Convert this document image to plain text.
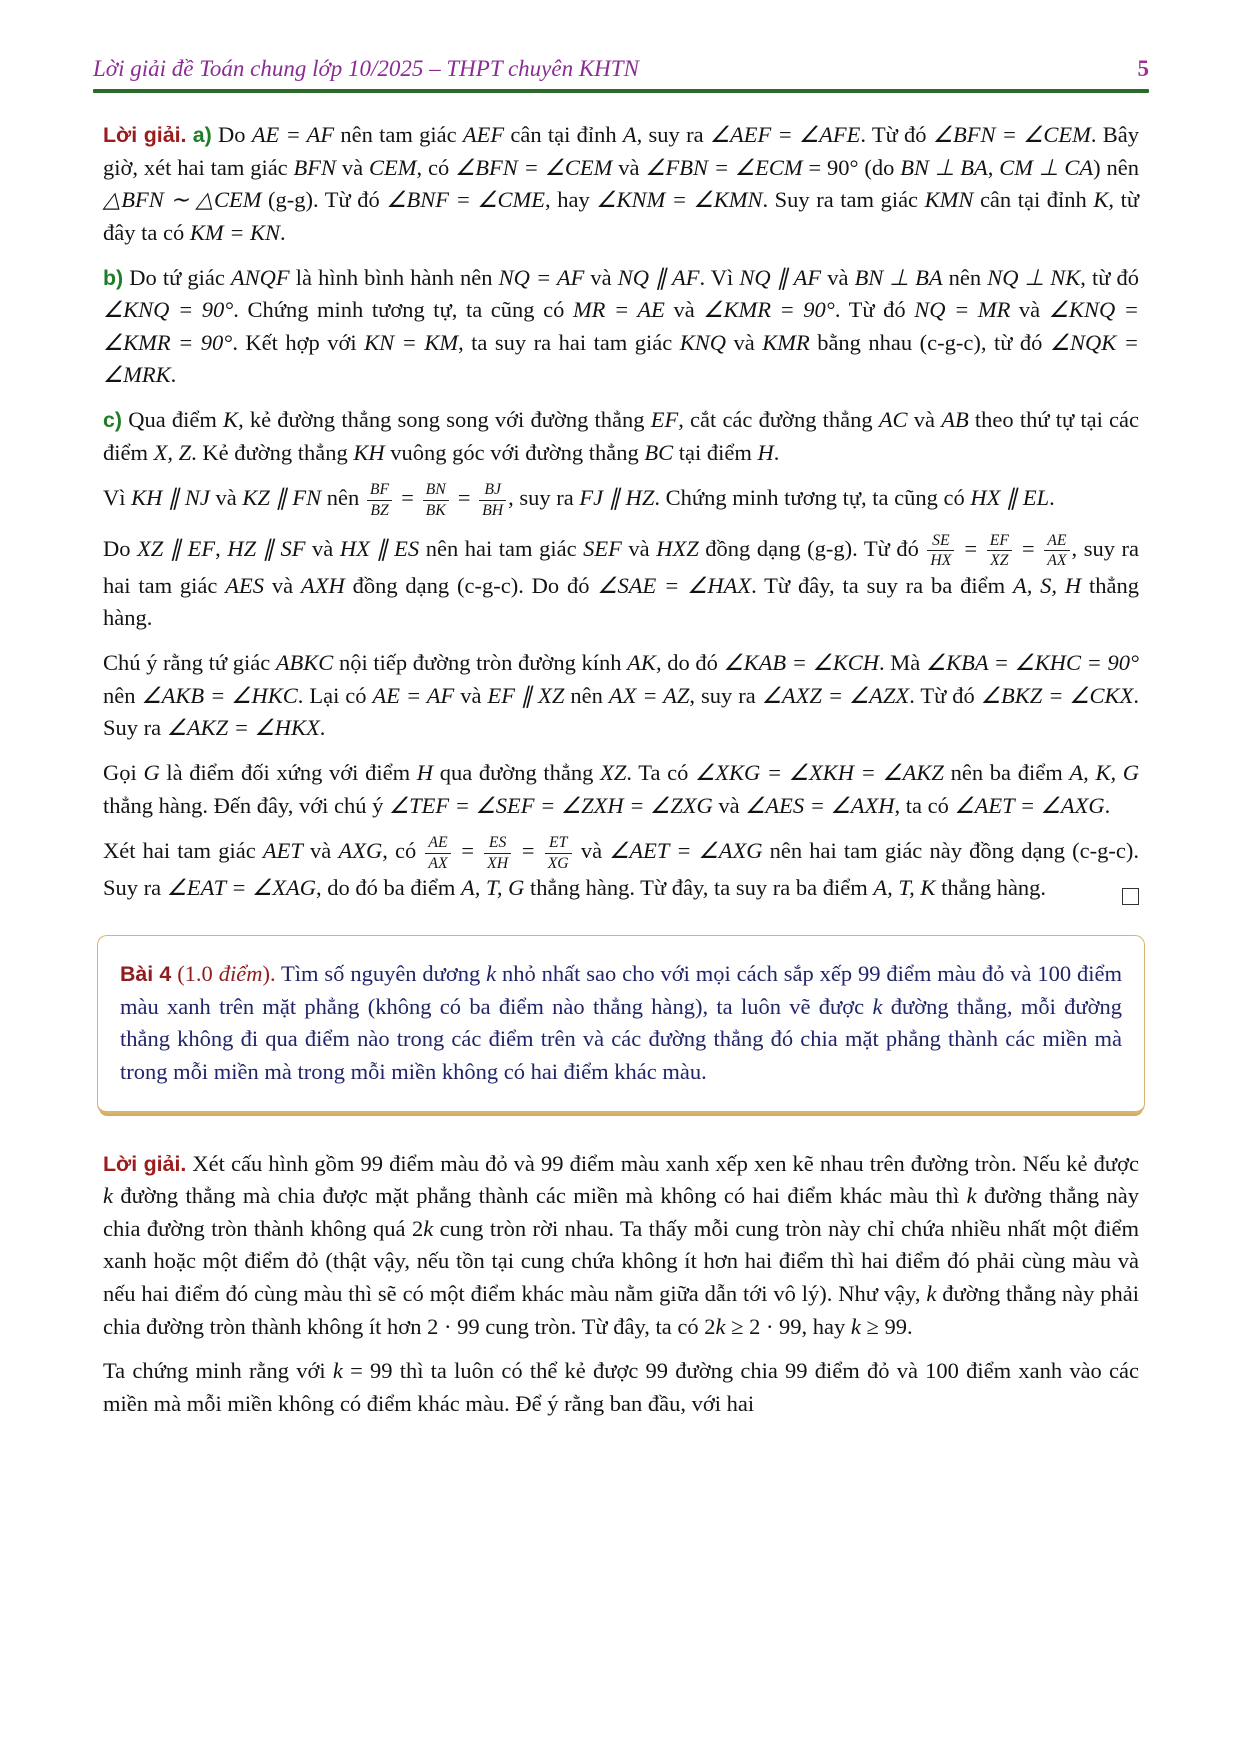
Lời giải đề Toán chung lớp 10/2025 – THPT chuyên KHTN	5

Lời giải. a) Do AE = AF nên tam giác AEF cân tại đỉnh A, suy ra ∠AEF = ∠AFE. Từ đó ∠BFN = ∠CEM. Bây giờ, xét hai tam giác BFN và CEM, có ∠BFN = ∠CEM và ∠FBN = ∠ECM = 90° (do BN ⊥ BA, CM ⊥ CA) nên △BFN ∼ △CEM (g-g). Từ đó ∠BNF = ∠CME, hay ∠KNM = ∠KMN. Suy ra tam giác KMN cân tại đỉnh K, từ đây ta có KM = KN.

b) Do tứ giác ANQF là hình bình hành nên NQ = AF và NQ ∥ AF. Vì NQ ∥ AF và BN ⊥ BA nên NQ ⊥ NK, từ đó ∠KNQ = 90°. Chứng minh tương tự, ta cũng có MR = AE và ∠KMR = 90°. Từ đó NQ = MR và ∠KNQ = ∠KMR = 90°. Kết hợp với KN = KM, ta suy ra hai tam giác KNQ và KMR bằng nhau (c-g-c), từ đó ∠NQK = ∠MRK.

c) Qua điểm K, kẻ đường thẳng song song với đường thẳng EF, cắt các đường thẳng AC và AB theo thứ tự tại các điểm X, Z. Kẻ đường thẳng KH vuông góc với đường thẳng BC tại điểm H.

Vì KH ∥ NJ và KZ ∥ FN nên $\frac{BF}{BZ} = \frac{BN}{BK} = \frac{BJ}{BH}$ , suy ra FJ ∥ HZ. Chứng minh tương tự, ta cũng có HX ∥ EL.

Do XZ ∥ EF, HZ ∥ SF và HX ∥ ES nên hai tam giác SEF và HXZ đồng dạng (g-g). Từ đó $\frac{SE}{HX} = \frac{EF}{XZ} = \frac{AE}{AX}$ , suy ra hai tam giác AES và AXH đồng dạng (c-g-c). Do đó ∠SAE = ∠HAX. Từ đây, ta suy ra ba điểm A, S, H thẳng hàng.

Chú ý rằng tứ giác ABKC nội tiếp đường tròn đường kính AK, do đó ∠KAB = ∠KCH. Mà ∠KBA = ∠KHC = 90° nên ∠AKB = ∠HKC. Lại có AE = AF và EF ∥ XZ nên AX = AZ, suy ra ∠AXZ = ∠AZX. Từ đó ∠BKZ = ∠CKX. Suy ra ∠AKZ = ∠HKX.

Gọi G là điểm đối xứng với điểm H qua đường thẳng XZ. Ta có ∠XKG = ∠XKH = ∠AKZ nên ba điểm A, K, G thẳng hàng. Đến đây, với chú ý ∠TEF = ∠SEF = ∠ZXH = ∠ZXG và ∠AES = ∠AXH, ta có ∠AET = ∠AXG.

Xét hai tam giác AET và AXG, có $\frac{AE}{AX} = \frac{ES}{XH} = \frac{ET}{XG}$ và ∠AET = ∠AXG nên hai tam giác này đồng dạng (c-g-c). Suy ra ∠EAT = ∠XAG, do đó ba điểm A, T, G thẳng hàng. Từ đây, ta suy ra ba điểm A, T, K thẳng hàng.

Bài 4 (1.0 điểm). Tìm số nguyên dương k nhỏ nhất sao cho với mọi cách sắp xếp 99 điểm màu đỏ và 100 điểm màu xanh trên mặt phẳng (không có ba điểm nào thẳng hàng), ta luôn vẽ được k đường thẳng, mỗi đường thẳng không đi qua điểm nào trong các điểm trên và các đường thẳng đó chia mặt phẳng thành các miền mà trong mỗi miền mà trong mỗi miền không có hai điểm khác màu.

Lời giải. Xét cấu hình gồm 99 điểm màu đỏ và 99 điểm màu xanh xếp xen kẽ nhau trên đường tròn. Nếu kẻ được k đường thẳng mà chia được mặt phẳng thành các miền mà không có hai điểm khác màu thì k đường thẳng này chia đường tròn thành không quá 2k cung tròn rời nhau. Ta thấy mỗi cung tròn này chỉ chứa nhiều nhất một điểm xanh hoặc một điểm đỏ (thật vậy, nếu tồn tại cung chứa không ít hơn hai điểm thì hai điểm đó phải cùng màu và nếu hai điểm đó cùng màu thì sẽ có một điểm khác màu nằm giữa dẫn tới vô lý). Như vậy, k đường thẳng này phải chia đường tròn thành không ít hơn 2 · 99 cung tròn. Từ đây, ta có 2k ≥ 2 · 99, hay k ≥ 99.

Ta chứng minh rằng với k = 99 thì ta luôn có thể kẻ được 99 đường chia 99 điểm đỏ và 100 điểm xanh vào các miền mà mỗi miền không có điểm khác màu. Để ý rằng ban đầu, với hai
